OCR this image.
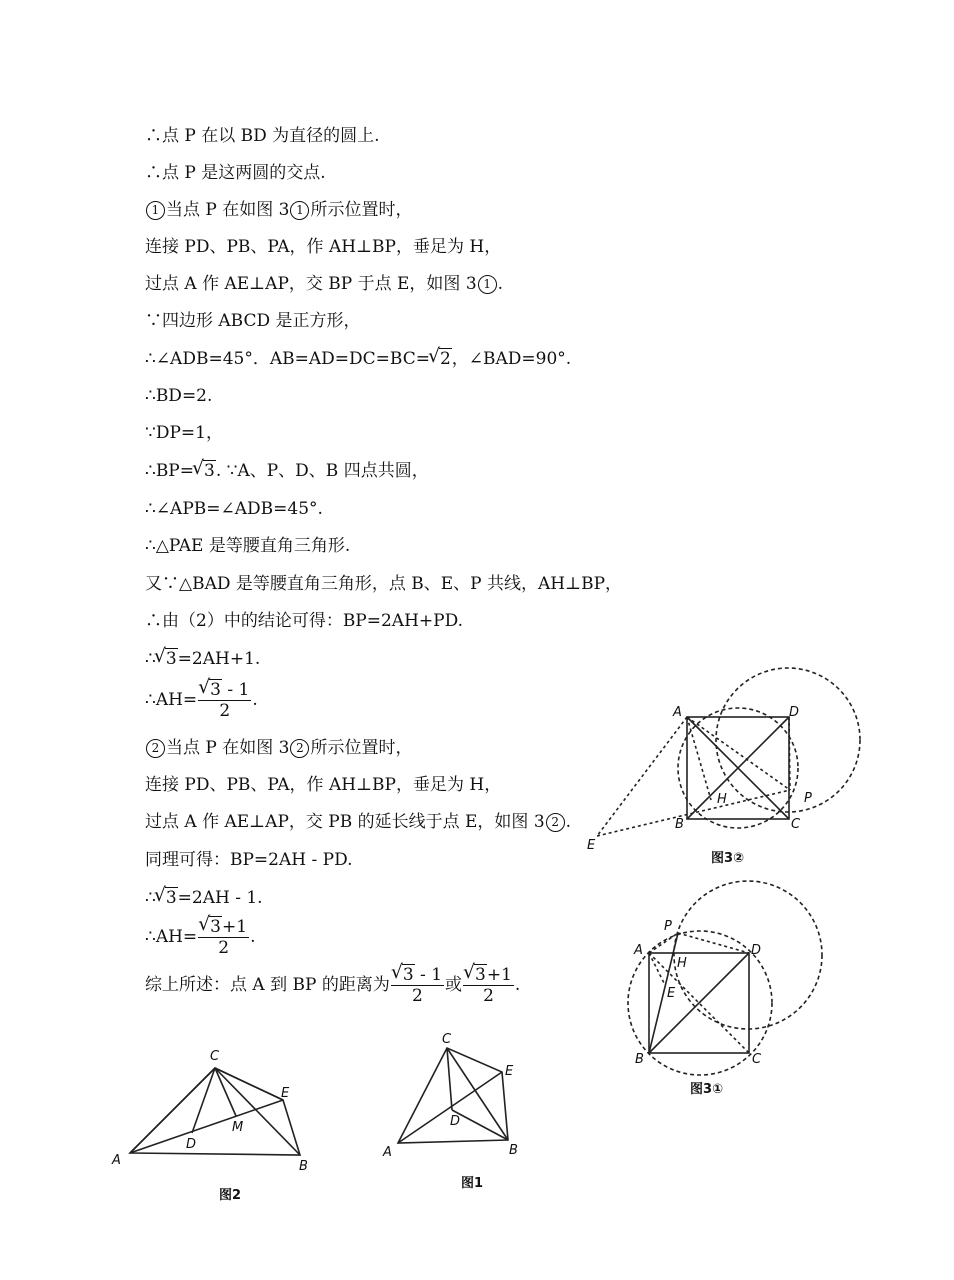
∴点 P 在以 BD 为直径的圆上.
∴点 P 是这两圆的交点.
1 当点 P 在如图 3 1 所示位置时，
连接 PD、PB、PA，作 AH⊥BP，垂足为 H，
过点 A 作 AE⊥AP，交 BP 于点 E，如图 3 1 .
∵四边形 ABCD 是正方形，
∴∠ADB=45°．AB=AD=DC=BC= √ 2，∠BAD=90°.
∴BD=2.
∵DP=1，
∴BP= √ 3. ∵A、P、D、B 四点共圆，
∴∠APB=∠ADB=45°.
∴△PAE 是等腰直角三角形.
又∵△BAD 是等腰直角三角形，点 B、E、P 共线，AH⊥BP，
∴由（2）中的结论可得：BP=2AH+PD.
∴ √ 3=2AH+1.
∴AH= √ $\frac{3 - 1}{2}$ .
2 当点 P 在如图 3 2 所示位置时，
连接 PD、PB、PA，作 AH⊥BP，垂足为 H，
过点 A 作 AE⊥AP，交 PB 的延长线于点 E，如图 3 2 .
同理可得：BP=2AH - PD.
∴ √ 3=2AH - 1.
∴AH= √ $\frac{3+1}{2}$ .
综上所述：点 A 到 BP 的距离为 √ $\frac{3 - 1}{2}$ 或 √ $\frac{3+1}{2}$ .
A	D
B	C
P
H
E
图3②
P
A	D
H
E
B	C
图3①
C
E
M
D
A	B
图2
C
E
D
A	B
图1
